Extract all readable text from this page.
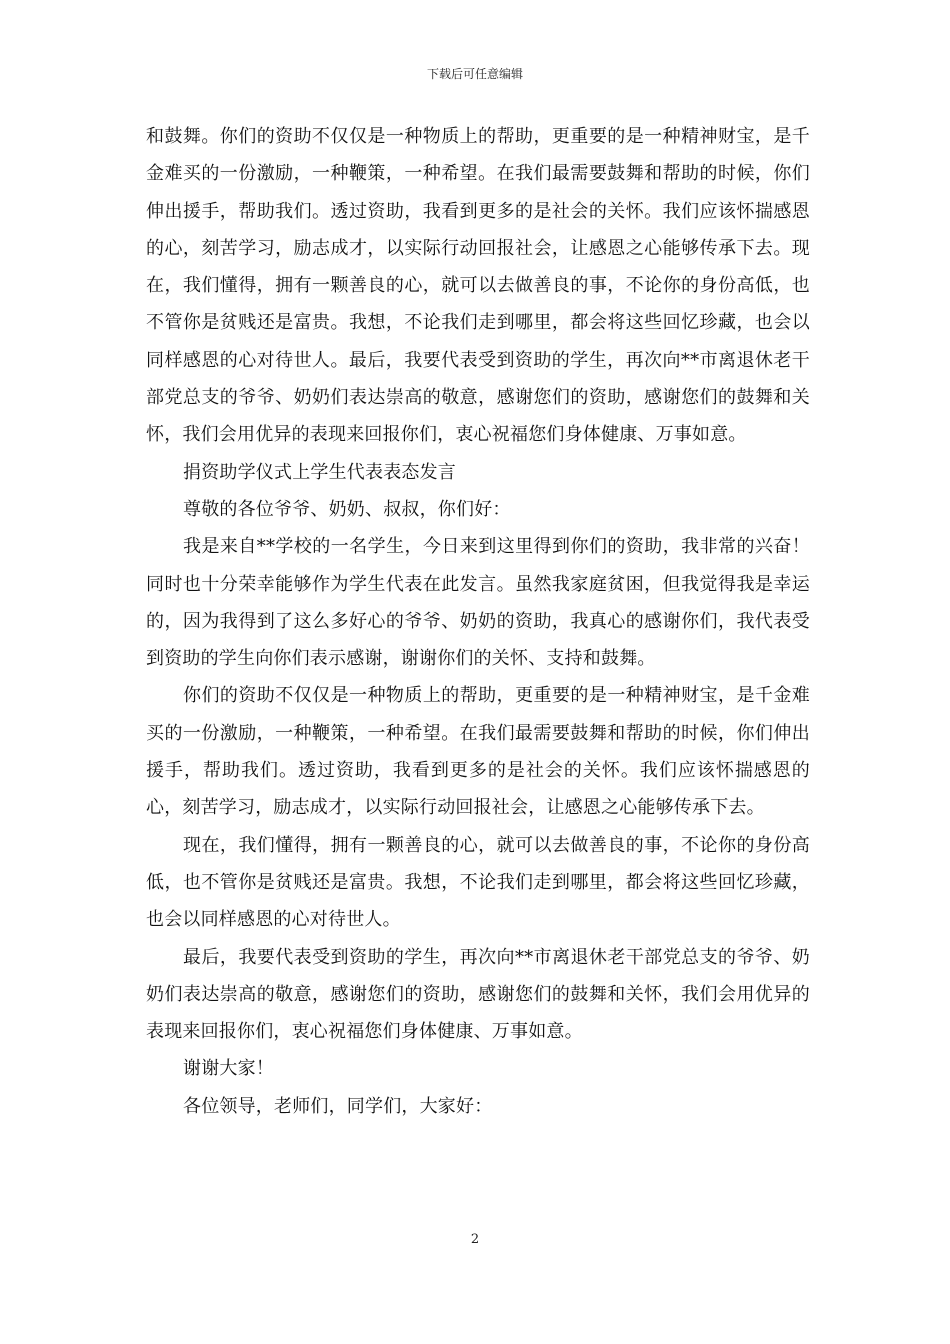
下载后可任意编辑

和鼓舞。你们的资助不仅仅是一种物质上的帮助，更重要的是一种精神财宝，是千金难买的一份激励，一种鞭策，一种希望。在我们最需要鼓舞和帮助的时候，你们伸出援手，帮助我们。透过资助，我看到更多的是社会的关怀。我们应该怀揣感恩的心，刻苦学习，励志成才，以实际行动回报社会，让感恩之心能够传承下去。现在，我们懂得，拥有一颗善良的心，就可以去做善良的事，不论你的身份高低，也不管你是贫贱还是富贵。我想，不论我们走到哪里，都会将这些回忆珍藏，也会以同样感恩的心对待世人。最后，我要代表受到资助的学生，再次向**市离退休老干部党总支的爷爷、奶奶们表达崇高的敬意，感谢您们的资助，感谢您们的鼓舞和关怀，我们会用优异的表现来回报你们，衷心祝福您们身体健康、万事如意。

捐资助学仪式上学生代表表态发言

尊敬的各位爷爷、奶奶、叔叔，你们好：

我是来自**学校的一名学生，今日来到这里得到你们的资助，我非常的兴奋！同时也十分荣幸能够作为学生代表在此发言。虽然我家庭贫困，但我觉得我是幸运的，因为我得到了这么多好心的爷爷、奶奶的资助，我真心的感谢你们，我代表受到资助的学生向你们表示感谢，谢谢你们的关怀、支持和鼓舞。

你们的资助不仅仅是一种物质上的帮助，更重要的是一种精神财宝，是千金难买的一份激励，一种鞭策，一种希望。在我们最需要鼓舞和帮助的时候，你们伸出援手，帮助我们。透过资助，我看到更多的是社会的关怀。我们应该怀揣感恩的心，刻苦学习，励志成才，以实际行动回报社会，让感恩之心能够传承下去。

现在，我们懂得，拥有一颗善良的心，就可以去做善良的事，不论你的身份高低，也不管你是贫贱还是富贵。我想，不论我们走到哪里，都会将这些回忆珍藏，也会以同样感恩的心对待世人。

最后，我要代表受到资助的学生，再次向**市离退休老干部党总支的爷爷、奶奶们表达崇高的敬意，感谢您们的资助，感谢您们的鼓舞和关怀，我们会用优异的表现来回报你们，衷心祝福您们身体健康、万事如意。

谢谢大家！

各位领导，老师们，同学们，大家好：

2
